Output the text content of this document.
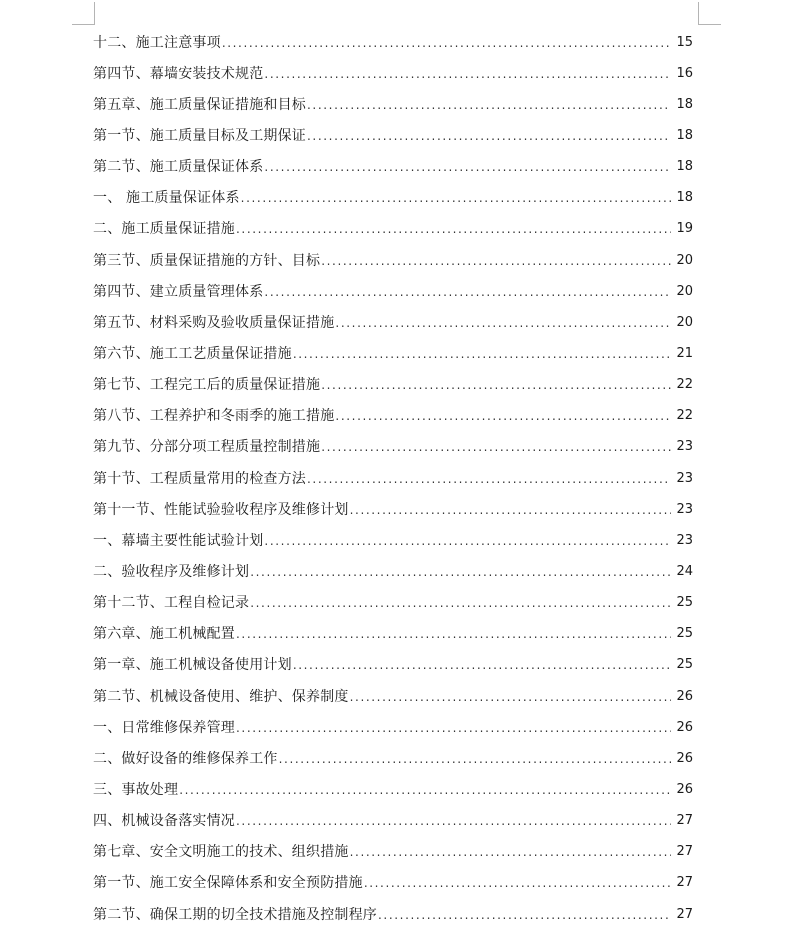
十二、施工注意事项 .....	15
第四节、幕墙安装技术规范 .....	16
第五章、施工质量保证措施和目标 .....	18
第一节、施工质量目标及工期保证 .....	18
第二节、施工质量保证体系 .....	18
一、 施工质量保证体系 .....	18
二、施工质量保证措施 .....	19
第三节、质量保证措施的方针、目标 .....	20
第四节、建立质量管理体系 .....	20
第五节、材料采购及验收质量保证措施 .....	20
第六节、施工工艺质量保证措施 .....	21
第七节、工程完工后的质量保证措施 .....	22
第八节、工程养护和冬雨季的施工措施 .....	22
第九节、分部分项工程质量控制措施 .....	23
第十节、工程质量常用的检查方法 .....	23
第十一节、性能试验验收程序及维修计划 .....	23
一、幕墙主要性能试验计划 .....	23
二、验收程序及维修计划 .....	24
第十二节、工程自检记录 .....	25
第六章、施工机械配置 .....	25
第一章、施工机械设备使用计划 .....	25
第二节、机械设备使用、维护、保养制度 .....	26
一、日常维修保养管理 .....	26
二、做好设备的维修保养工作 .....	26
三、事故处理 .....	26
四、机械设备落实情况 .....	27
第七章、安全文明施工的技术、组织措施 .....	27
第一节、施工安全保障体系和安全预防措施 .....	27
第二节、确保工期的切全技术措施及控制程序 .....	27
